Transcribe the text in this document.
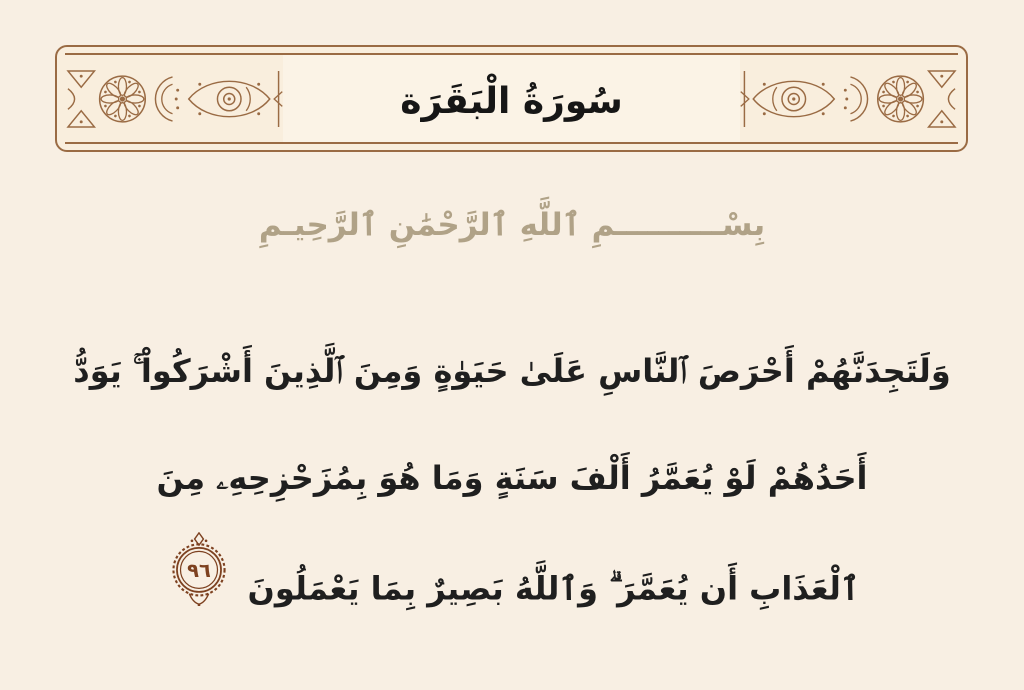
سُورَةُ الْبَقَرَة
بِسْــــــــــمِ ٱللَّهِ ٱلرَّحْمَٰنِ ٱلرَّحِيـمِ
وَلَتَجِدَنَّهُمْ أَحْرَصَ ٱلنَّاسِ عَلَىٰ حَيَوٰةٍ وَمِنَ ٱلَّذِينَ أَشْرَكُواْ ۚ يَوَدُّ
أَحَدُهُمْ لَوْ يُعَمَّرُ أَلْفَ سَنَةٍ وَمَا هُوَ بِمُزَحْزِحِهِۦ مِنَ
ٱلْعَذَابِ أَن يُعَمَّرَ ۗ وَٱللَّهُ بَصِيرٌ بِمَا يَعْمَلُونَ
٩٦
